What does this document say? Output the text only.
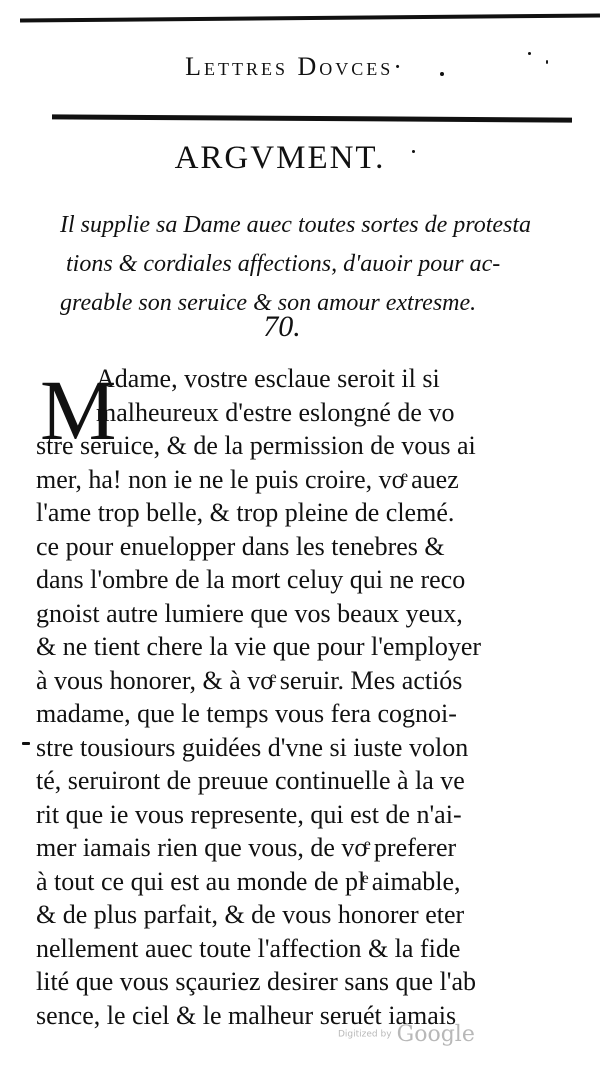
Lettres Dovces·
ARGVMENT.
Il supplie sa Dame auec toutes sortes de protesta
tions & cordiales affections, d'auoir pour ac-
greable son seruice & son amour extresme.
70.
M
Adame, vostre esclaue seroit il si
malheureux d'estre eslongné de vo
stre seruice, & de la permission de vous ai
mer, ha! non ie ne le puis croire, voͤ auez
l'ame trop belle, & trop pleine de clemé.
ce pour enuelopper dans les tenebres &
dans l'ombre de la mort celuy qui ne reco
gnoist autre lumiere que vos beaux yeux,
& ne tient chere la vie que pour l'employer
à vous honorer, & à voͤ seruir. Mes actiós
madame, que le temps vous fera cognoi-
stre tousiours guidées d'vne si iuste volon
té, seruiront de preuue continuelle à la ve
rit que ie vous represente, qui est de n'ai-
mer iamais rien que vous, de voͤ preferer
à tout ce qui est au monde de plͤ aimable,
& de plus parfait, & de vous honorer eter
nellement auec toute l'affection & la fide
lité que vous sçauriez desirer sans que l'ab
sence, le ciel & le malheur seruét iamais
Digitized by Google
